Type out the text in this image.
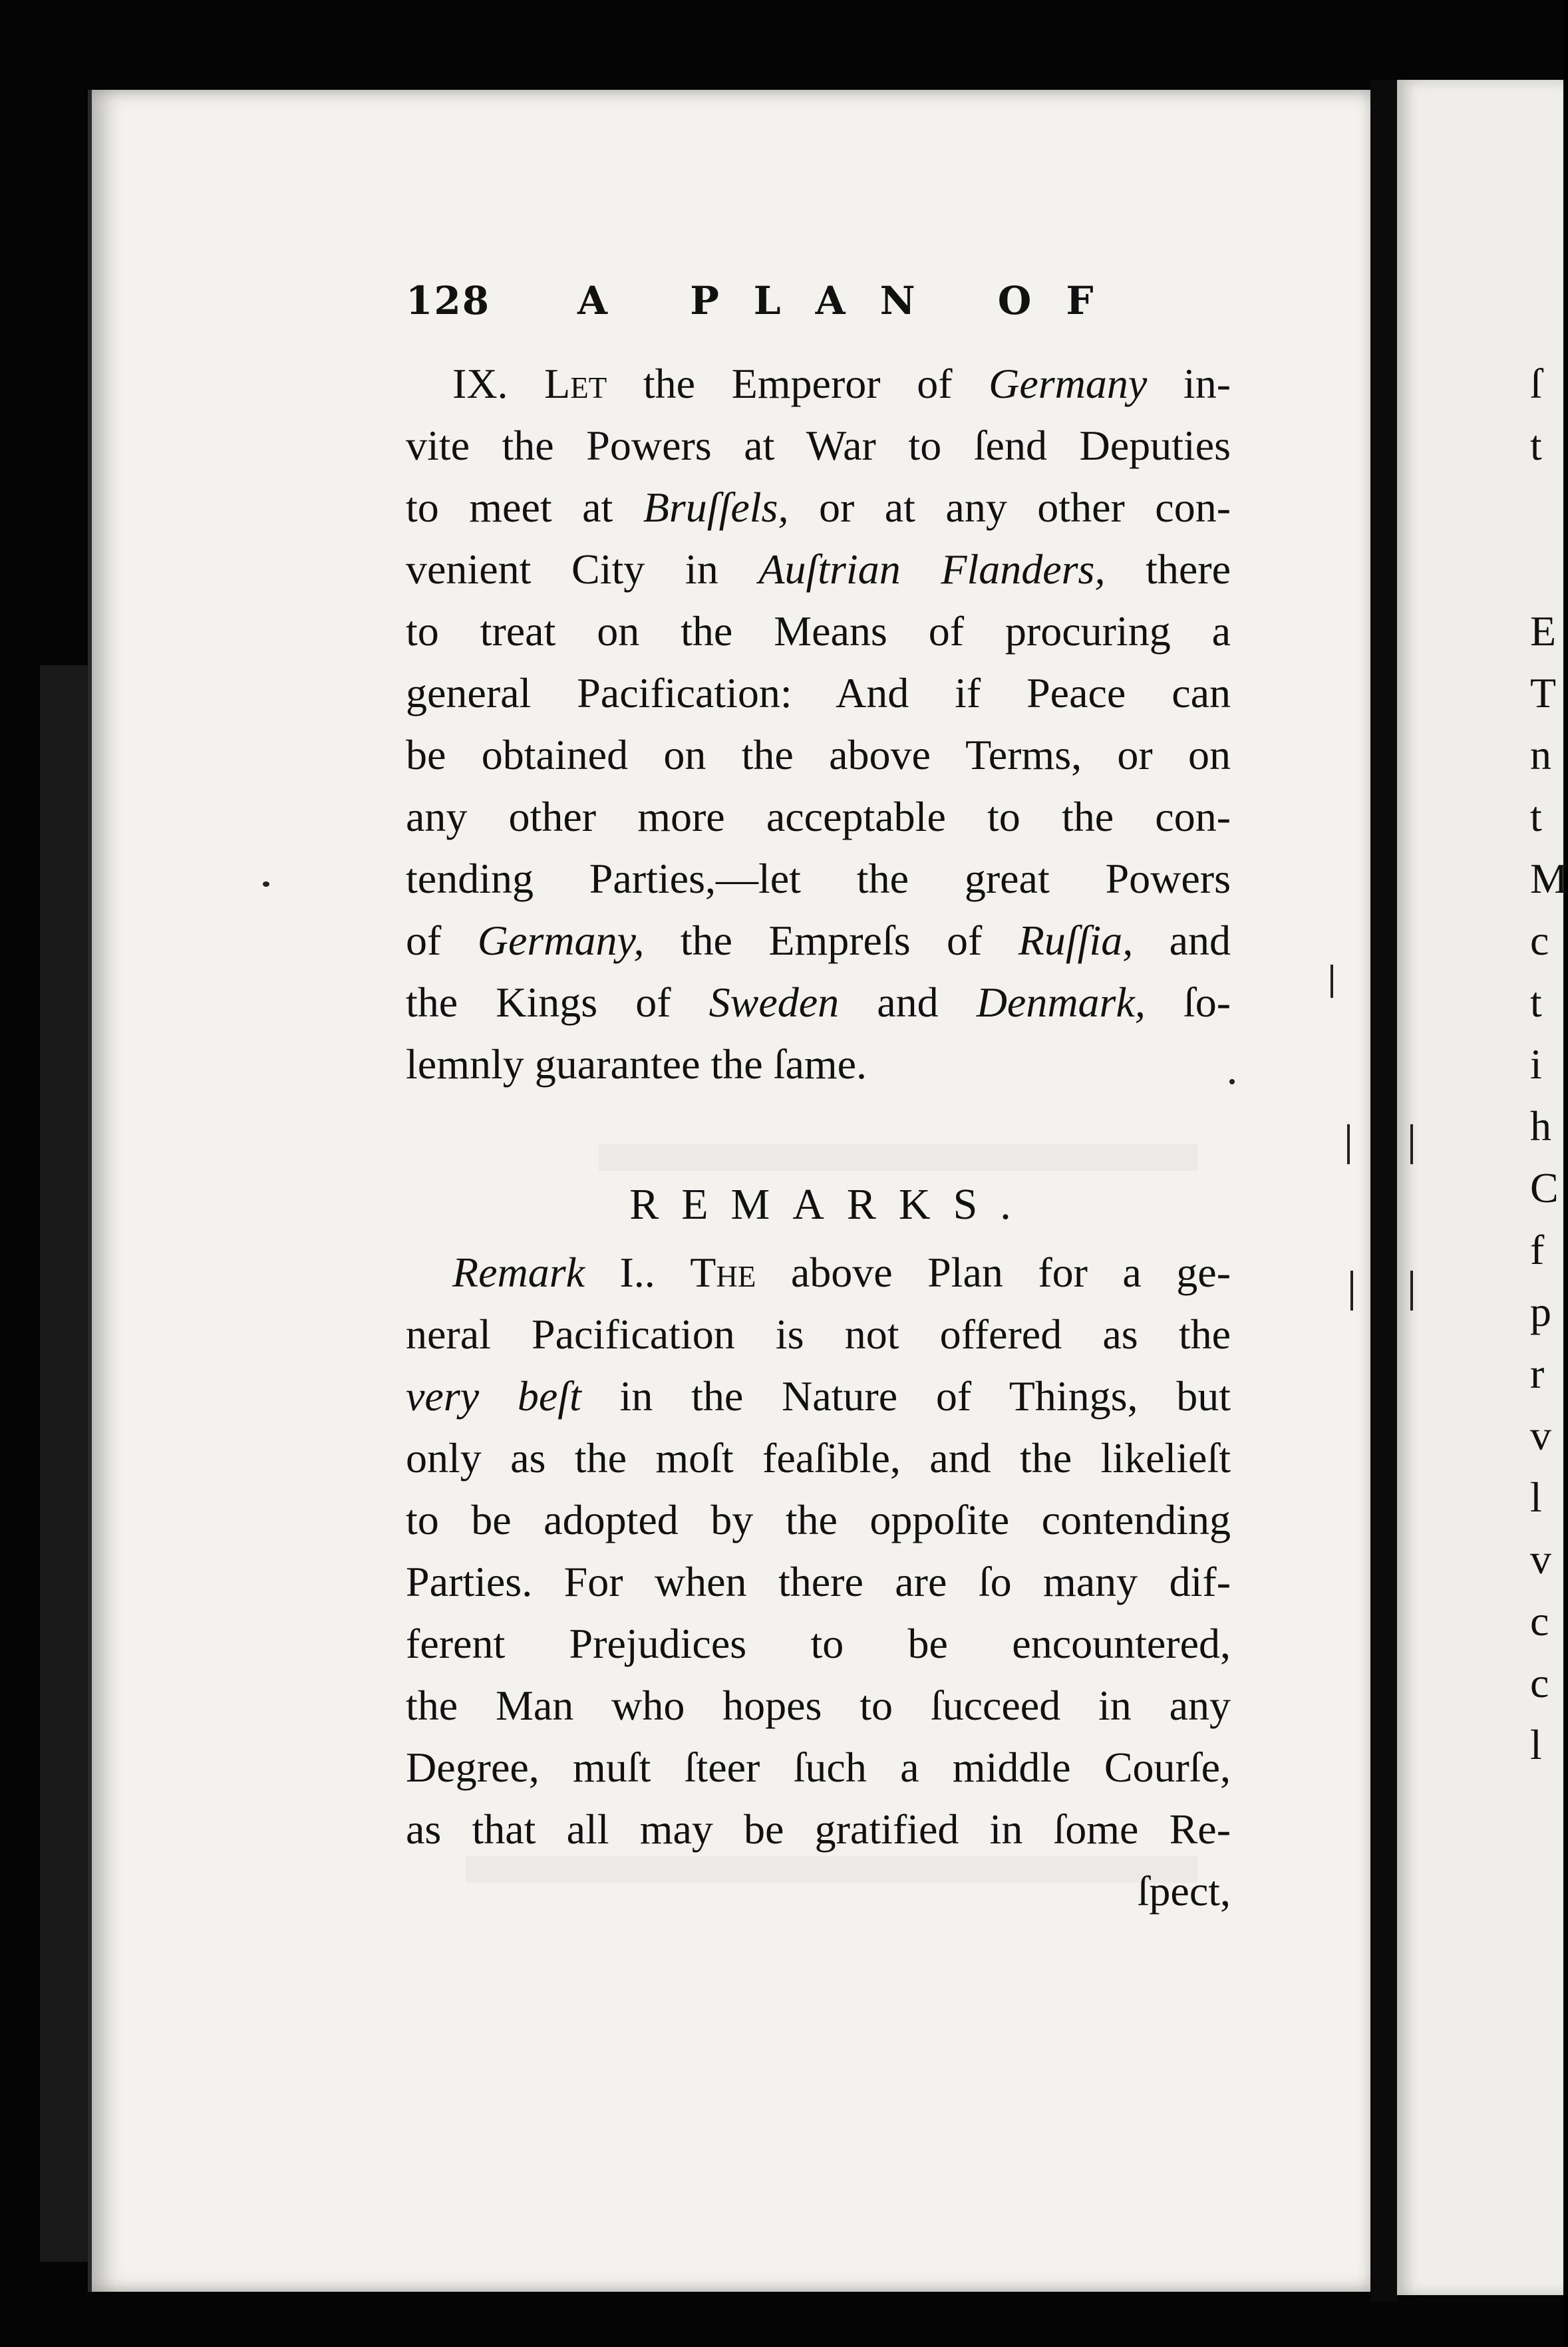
128 A PLAN OF
IX. Let the Emperor of Germany in-
vite the Powers at War to ſend Deputies
to meet at Bruſſels, or at any other con-
venient City in Auſtrian Flanders, there
to treat on the Means of procuring a
general Pacification: And if Peace can
be obtained on the above Terms, or on
any other more acceptable to the con-
tending Parties,—let the great Powers
of Germany, the Empreſs of Ruſſia, and
the Kings of Sweden and Denmark, ſo-
lemnly guarantee the ſame.
REMARKS.
Remark I.. The above Plan for a ge-
neral Pacification is not offered as the
very beſt in the Nature of Things, but
only as the moſt feaſible, and the likelieſt
to be adopted by the oppoſite contending
Parties. For when there are ſo many dif-
ferent Prejudices to be encountered,
the Man who hopes to ſucceed in any
Degree, muſt ſteer ſuch a middle Courſe,
as that all may be gratified in ſome Re-
ſpect,
ſ
t
E
T
n
t
M
c
t
i
h
C
f
p
r
v
l
v
c
c
l
